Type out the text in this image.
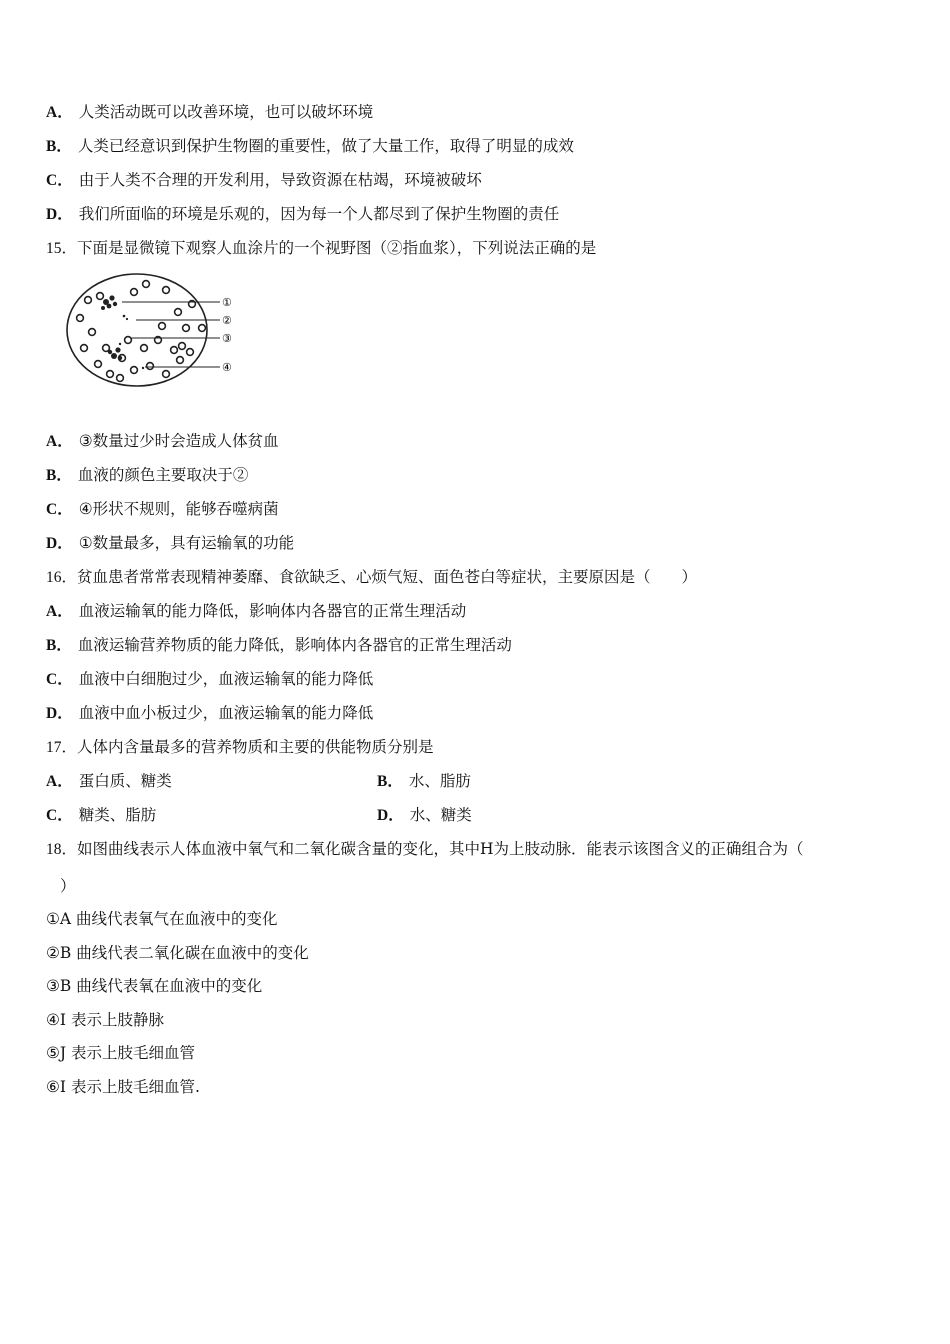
A． 人类活动既可以改善环境，也可以破坏环境
B． 人类已经意识到保护生物圈的重要性，做了大量工作，取得了明显的成效
C． 由于人类不合理的开发利用，导致资源在枯竭，环境被破坏
D． 我们所面临的环境是乐观的，因为每一个人都尽到了保护生物圈的责任
15．下面是显微镜下观察人血涂片的一个视野图（②指血浆），下列说法正确的是
①
②
③
④
A． ③数量过少时会造成人体贫血
B． 血液的颜色主要取决于②
C． ④形状不规则，能够吞噬病菌
D． ①数量最多，具有运输氧的功能
16．贫血患者常常表现精神萎靡、食欲缺乏、心烦气短、面色苍白等症状，主要原因是（　　）
A． 血液运输氧的能力降低，影响体内各器官的正常生理活动
B． 血液运输营养物质的能力降低，影响体内各器官的正常生理活动
C． 血液中白细胞过少，血液运输氧的能力降低
D． 血液中血小板过少，血液运输氧的能力降低
17．人体内含量最多的营养物质和主要的供能物质分别是
A． 蛋白质、糖类	B． 水、脂肪
C． 糖类、脂肪	D． 水、糖类
18．如图曲线表示人体血液中氧气和二氧化碳含量的变化，其中H为上肢动脉．能表示该图含义的正确组合为（
）
①A 曲线代表氧气在血液中的变化
②B 曲线代表二氧化碳在血液中的变化
③B 曲线代表氧在血液中的变化
④I 表示上肢静脉
⑤J 表示上肢毛细血管
⑥I 表示上肢毛细血管.
